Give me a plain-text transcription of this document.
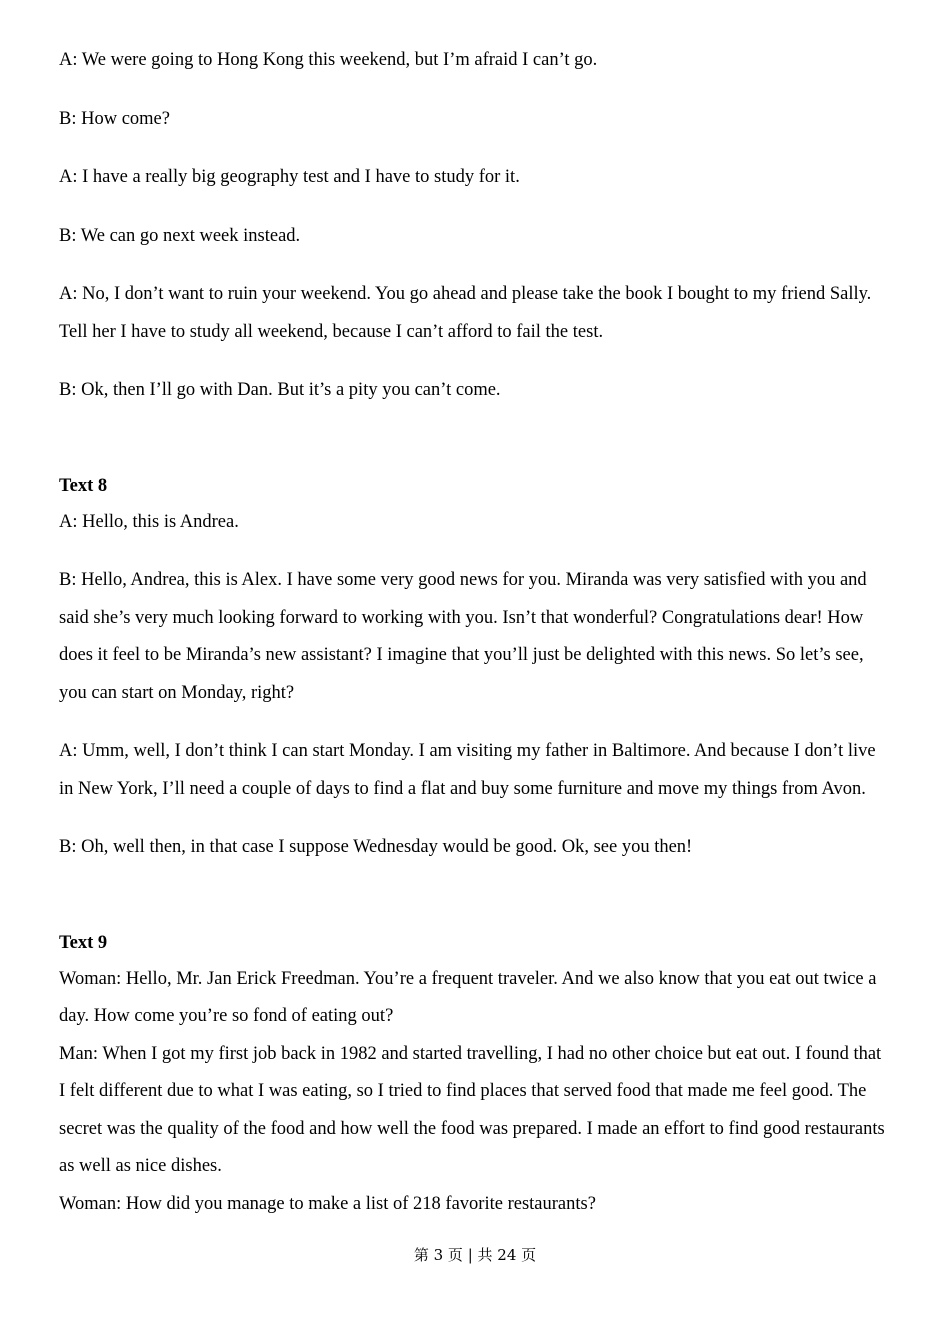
A: We were going to Hong Kong this weekend, but I’m afraid I can’t go.

B: How come?

A: I have a really big geography test and I have to study for it.

B: We can go next week instead.

A: No, I don’t want to ruin your weekend. You go ahead and please take the book I bought to my friend Sally. Tell her I have to study all weekend, because I can’t afford to fail the test.

B: Ok, then I’ll go with Dan. But it’s a pity you can’t come.

Text 8

A: Hello, this is Andrea.

B: Hello, Andrea, this is Alex. I have some very good news for you. Miranda was very satisfied with you and said she’s very much looking forward to working with you. Isn’t that wonderful? Congratulations dear! How does it feel to be Miranda’s new assistant? I imagine that you’ll just be delighted with this news. So let’s see, you can start on Monday, right?

A: Umm, well, I don’t think I can start Monday. I am visiting my father in Baltimore. And because I don’t live in New York, I’ll need a couple of days to find a flat and buy some furniture and move my things from Avon.

B: Oh, well then, in that case I suppose Wednesday would be good. Ok, see you then!

Text 9

Woman: Hello, Mr. Jan Erick Freedman. You’re a frequent traveler. And we also know that you eat out twice a day. How come you’re so fond of eating out?

Man: When I got my first job back in 1982 and started travelling, I had no other choice but eat out. I found that I felt different due to what I was eating, so I tried to find places that served food that made me feel good. The secret was the quality of the food and how well the food was prepared. I made an effort to find good restaurants as well as nice dishes.

Woman: How did you manage to make a list of 218 favorite restaurants?

第 3 页 | 共 24 页
